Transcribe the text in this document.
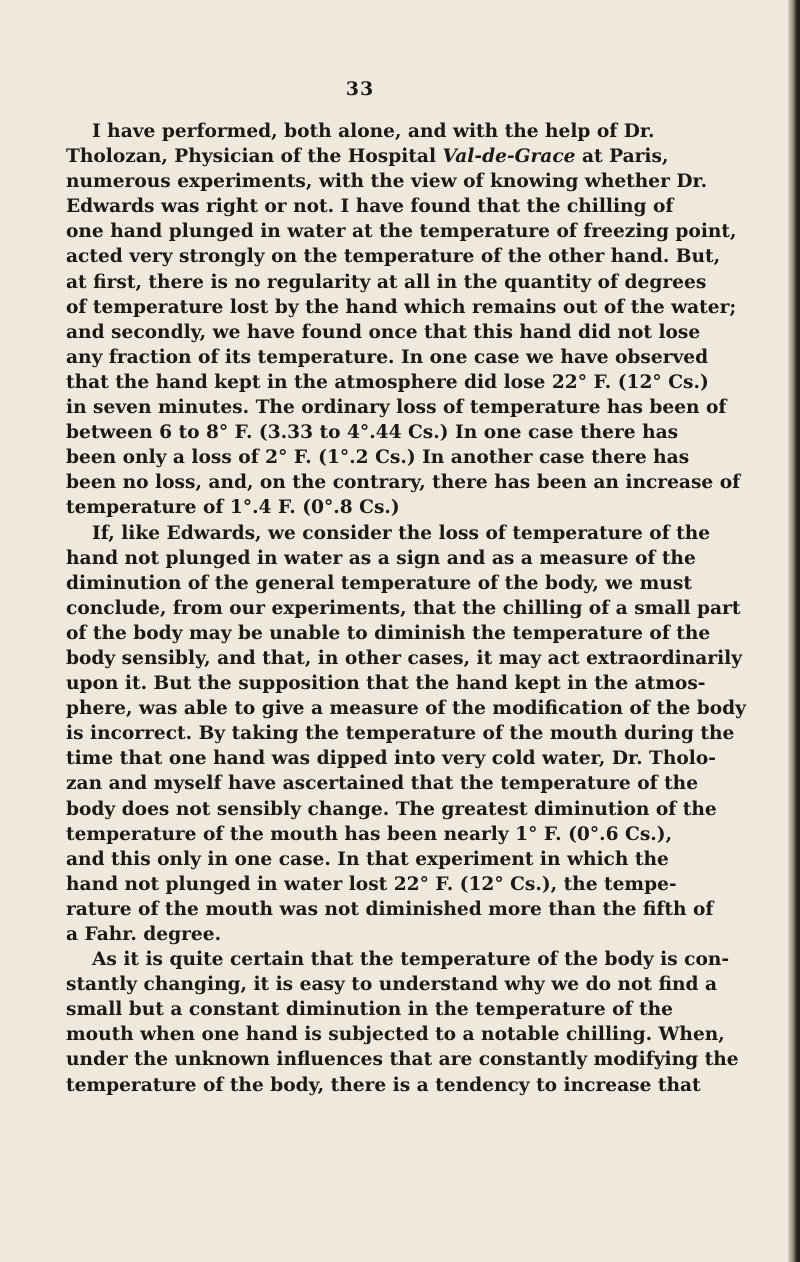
33
I have performed, both alone, and with the help of Dr.
Tholozan, Physician of the Hospital Val-de-Grace at Paris,
numerous experiments, with the view of knowing whether Dr.
Edwards was right or not. I have found that the chilling of
one hand plunged in water at the temperature of freezing point,
acted very strongly on the temperature of the other hand. But,
at first, there is no regularity at all in the quantity of degrees
of temperature lost by the hand which remains out of the water;
and secondly, we have found once that this hand did not lose
any fraction of its temperature. In one case we have observed
that the hand kept in the atmosphere did lose 22° F. (12° Cs.)
in seven minutes. The ordinary loss of temperature has been of
between 6 to 8° F. (3.33 to 4°.44 Cs.) In one case there has
been only a loss of 2° F. (1°.2 Cs.) In another case there has
been no loss, and, on the contrary, there has been an increase of
temperature of 1°.4 F. (0°.8 Cs.)
If, like Edwards, we consider the loss of temperature of the
hand not plunged in water as a sign and as a measure of the
diminution of the general temperature of the body, we must
conclude, from our experiments, that the chilling of a small part
of the body may be unable to diminish the temperature of the
body sensibly, and that, in other cases, it may act extraordinarily
upon it. But the supposition that the hand kept in the atmos-
phere, was able to give a measure of the modification of the body
is incorrect. By taking the temperature of the mouth during the
time that one hand was dipped into very cold water, Dr. Tholo-
zan and myself have ascertained that the temperature of the
body does not sensibly change. The greatest diminution of the
temperature of the mouth has been nearly 1° F. (0°.6 Cs.),
and this only in one case. In that experiment in which the
hand not plunged in water lost 22° F. (12° Cs.), the tempe-
rature of the mouth was not diminished more than the fifth of
a Fahr. degree.
As it is quite certain that the temperature of the body is con-
stantly changing, it is easy to understand why we do not find a
small but a constant diminution in the temperature of the
mouth when one hand is subjected to a notable chilling. When,
under the unknown influences that are constantly modifying the
temperature of the body, there is a tendency to increase that
